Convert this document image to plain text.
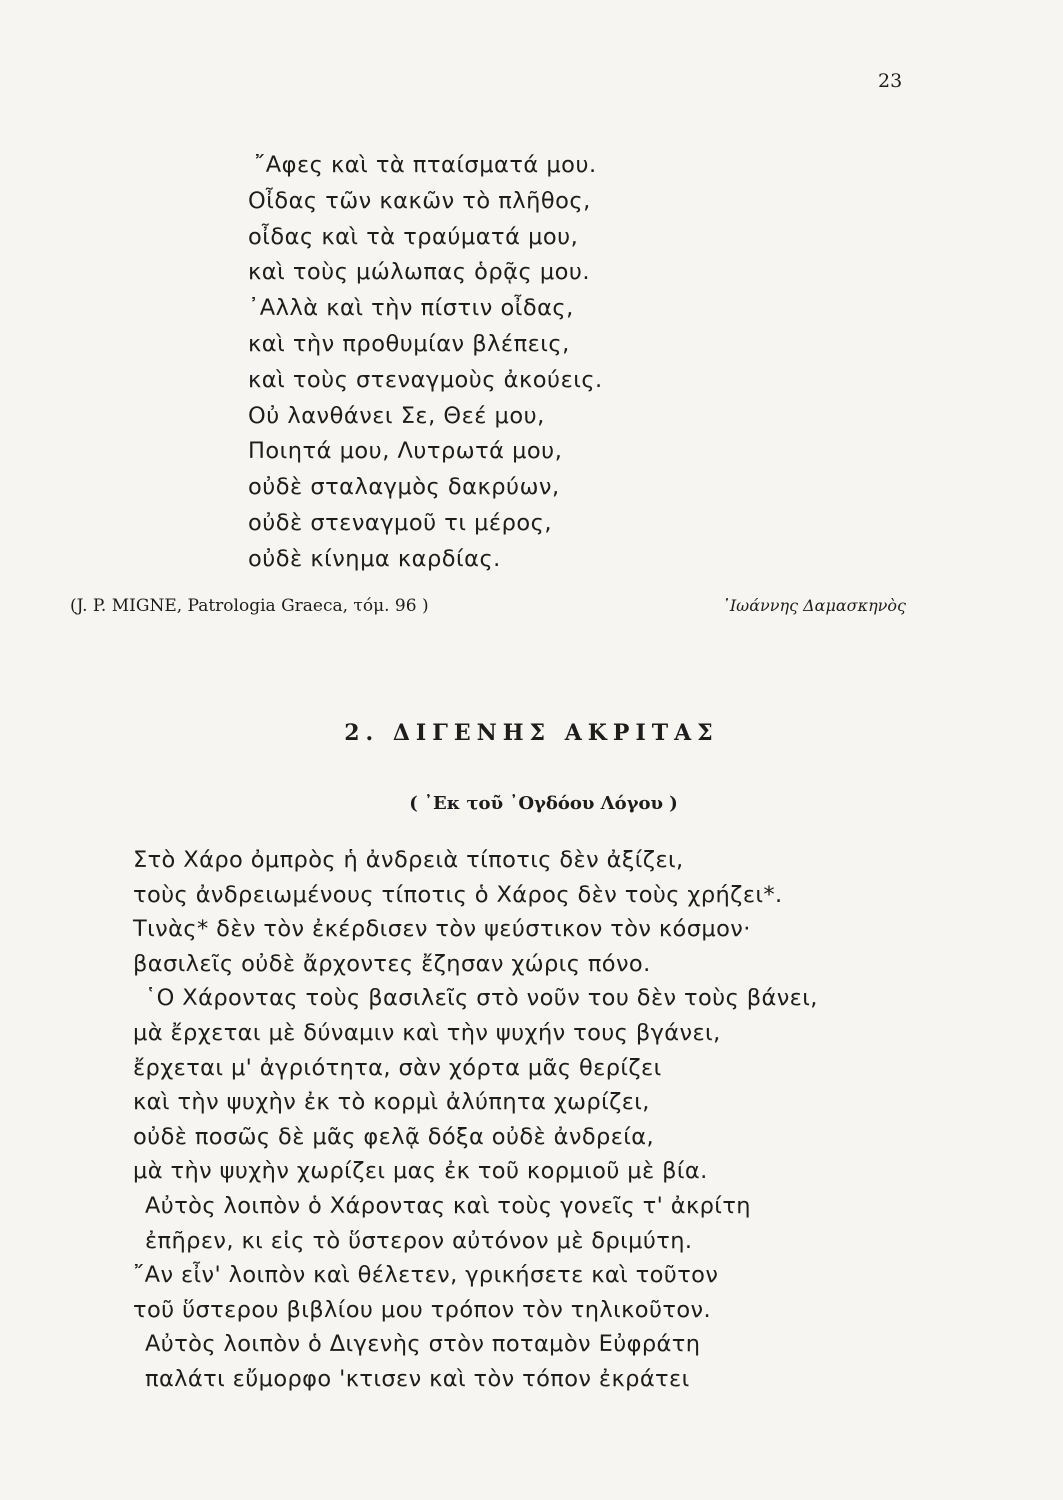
23
῎Αφες καὶ τὰ πταίσματά μου.
Οἶδας τῶν κακῶν τὸ πλῆθος,
οἶδας καὶ τὰ τραύματά μου,
καὶ τοὺς μώλωπας ὁρᾷς μου.
᾿Αλλὰ καὶ τὴν πίστιν οἶδας,
καὶ τὴν προθυμίαν βλέπεις,
καὶ τοὺς στεναγμοὺς ἀκούεις.
Οὐ λανθάνει Σε, Θεέ μου,
Ποιητά μου, Λυτρωτά μου,
οὐδὲ σταλαγμὸς δακρύων,
οὐδὲ στεναγμοῦ τι μέρος,
οὐδὲ κίνημα καρδίας.
(J. P. MIGNE, Patrologia Graeca, τόμ. 96 )	᾿Ιωάννης Δαμασκηνὸς
2. ΔΙΓΕΝΗΣ ΑΚΡΙΤΑΣ
( ᾿Εκ τοῦ ᾿Ογδόου Λόγου )
Στὸ Χάρο ὀμπρὸς ἡ ἀνδρειὰ τίποτις δὲν ἀξίζει,
τοὺς ἀνδρειωμένους τίποτις ὁ Χάρος δὲν τοὺς χρήζει*.
Τινὰς* δὲν τὸν ἐκέρδισεν τὸν ψεύστικον τὸν κόσμον·
βασιλεῖς οὐδὲ ἄρχοντες ἔζησαν χώρις πόνο.
῾Ο Χάροντας τοὺς βασιλεῖς στὸ νοῦν του δὲν τοὺς βάνει,
μὰ ἔρχεται μὲ δύναμιν καὶ τὴν ψυχήν τους βγάνει,
ἔρχεται μ' ἀγριότητα, σὰν χόρτα μᾶς θερίζει
καὶ τὴν ψυχὴν ἐκ τὸ κορμὶ ἀλύπητα χωρίζει,
οὐδὲ ποσῶς δὲ μᾶς φελᾷ δόξα οὐδὲ ἀνδρεία,
μὰ τὴν ψυχὴν χωρίζει μας ἐκ τοῦ κορμιοῦ μὲ βία.
Αὐτὸς λοιπὸν ὁ Χάροντας καὶ τοὺς γονεῖς τ' ἀκρίτη
ἐπῆρεν, κι εἰς τὸ ὕστερον αὐτόνον μὲ δριμύτη.
῎Αν εἶν' λοιπὸν καὶ θέλετεν, γρικήσετε καὶ τοῦτον
τοῦ ὕστερου βιβλίου μου τρόπον τὸν τηλικοῦτον.
Αὐτὸς λοιπὸν ὁ Διγενὴς στὸν ποταμὸν Εὐφράτη
παλάτι εὔμορφο 'κτισεν καὶ τὸν τόπον ἐκράτει
